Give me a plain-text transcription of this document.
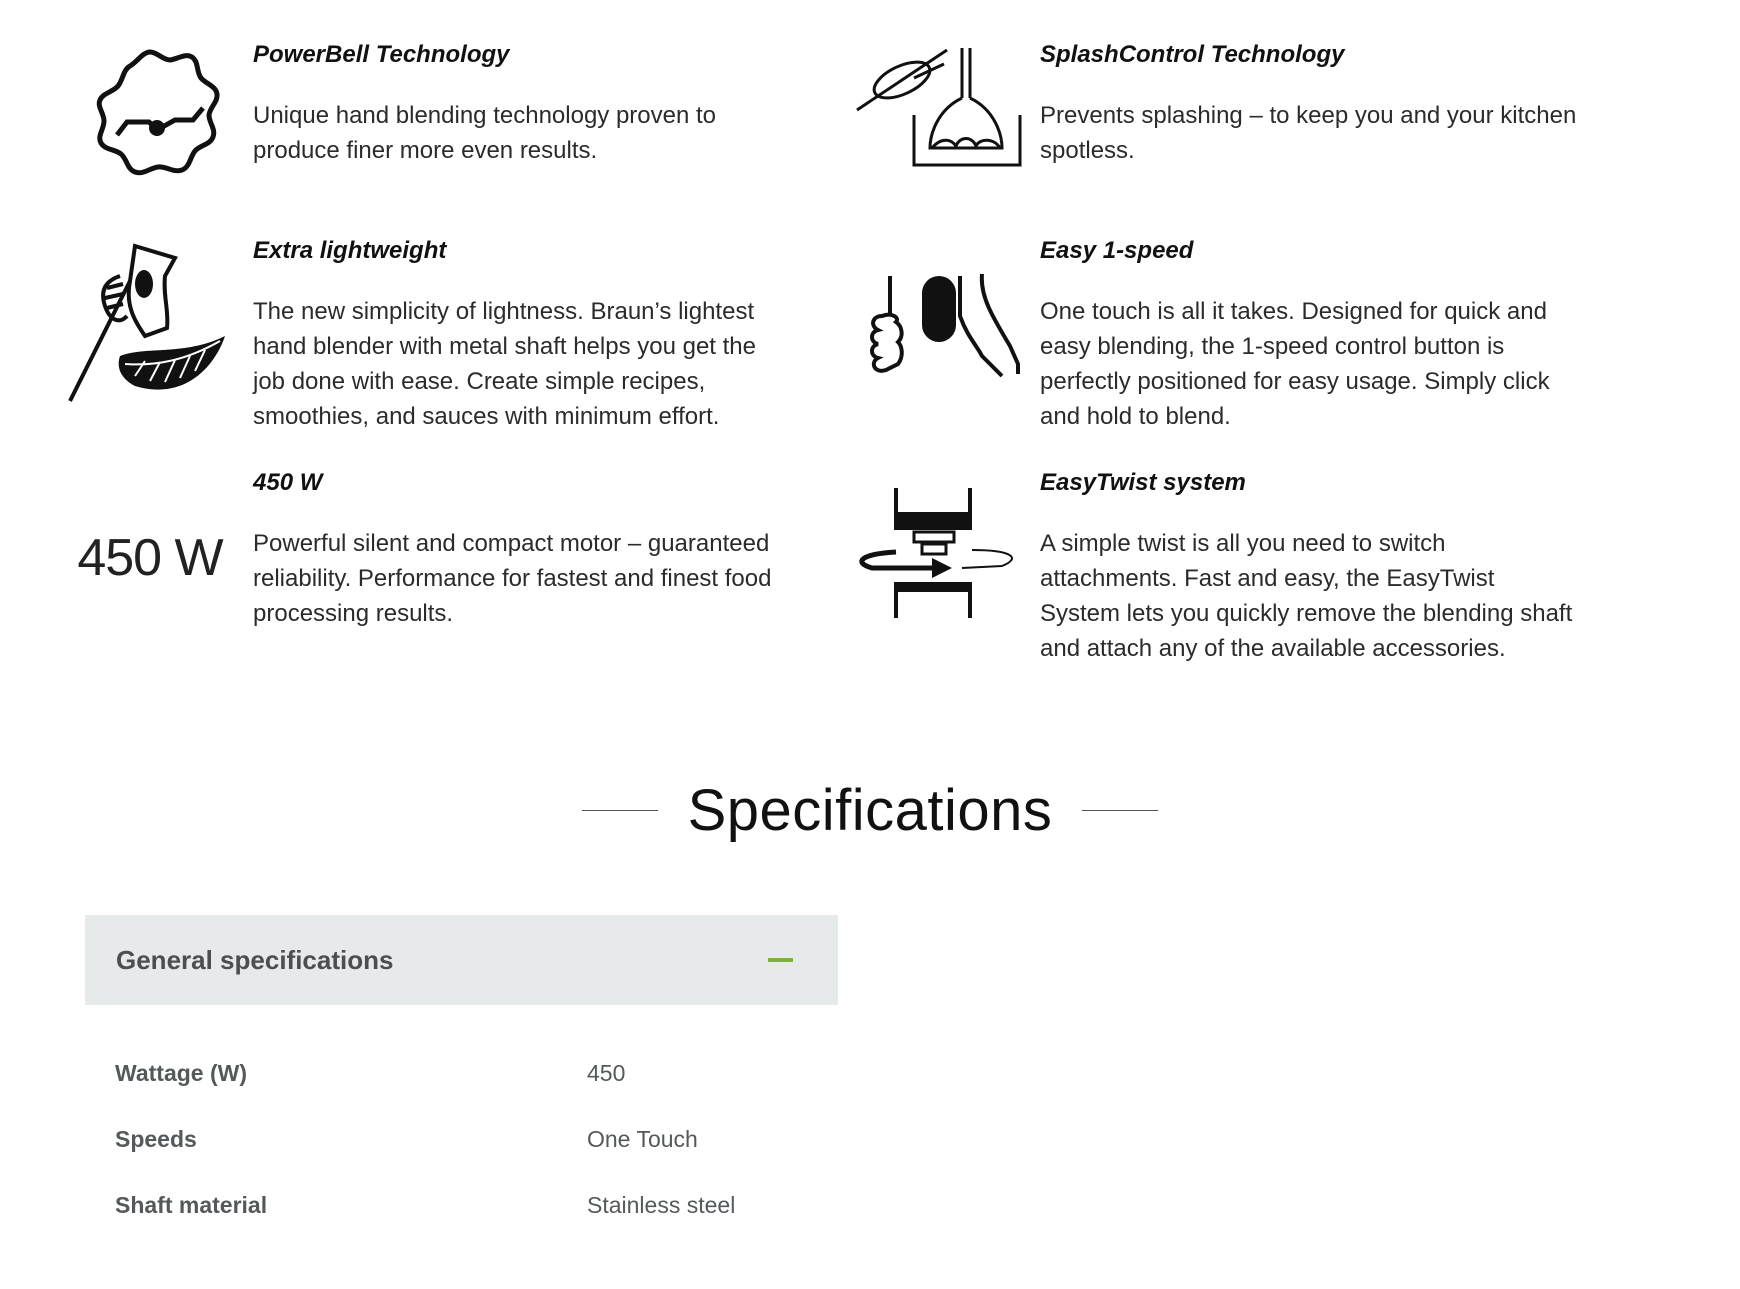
PowerBell Technology

Unique hand blending technology proven to produce finer more even results.

SplashControl Technology

Prevents splashing – to keep you and your kitchen spotless.

Extra lightweight

The new simplicity of lightness. Braun’s lightest hand blender with metal shaft helps you get the job done with ease. Create simple recipes, smoothies, and sauces with minimum effort.

Easy 1-speed

One touch is all it takes. Designed for quick and easy blending, the 1-speed control button is perfectly positioned for easy usage. Simply click and hold to blend.

450 W
450 W

Powerful silent and compact motor – guaranteed reliability. Performance for fastest and finest food processing results.

EasyTwist system

A simple twist is all you need to switch attachments. Fast and easy, the EasyTwist System lets you quickly remove the blending shaft and attach any of the available accessories.

Specifications
General specifications
Wattage (W)	450
Speeds	One Touch
Shaft material	Stainless steel
